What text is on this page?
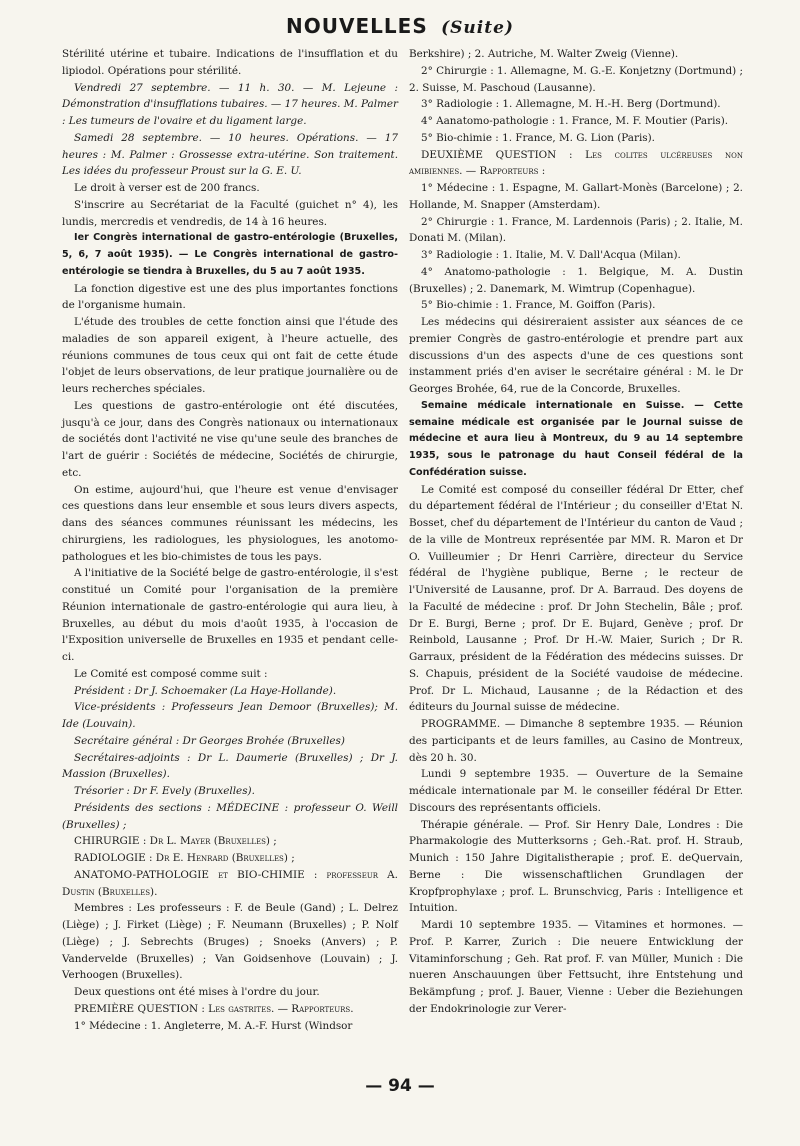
NOUVELLES (Suite)

Stérilité utérine et tubaire. Indications de l'insufflation et du lipiodol. Opérations pour stérilité.

Vendredi 27 septembre. — 11 h. 30. — M. Lejeune : Démonstration d'insufflations tubaires. — 17 heures. M. Palmer : Les tumeurs de l'ovaire et du ligament large.

Samedi 28 septembre. — 10 heures. Opérations. — 17 heures : M. Palmer : Grossesse extra-utérine. Son traitement. Les idées du professeur Proust sur la G. E. U.

Le droit à verser est de 200 francs.

S'inscrire au Secrétariat de la Faculté (guichet n° 4), les lundis, mercredis et vendredis, de 14 à 16 heures.

Ier Congrès international de gastro-entérologie (Bruxelles, 5, 6, 7 août 1935). — Le Congrès international de gastro-entérologie se tiendra à Bruxelles, du 5 au 7 août 1935.

La fonction digestive est une des plus importantes fonctions de l'organisme humain.

L'étude des troubles de cette fonction ainsi que l'étude des maladies de son appareil exigent, à l'heure actuelle, des réunions communes de tous ceux qui ont fait de cette étude l'objet de leurs observations, de leur pratique journalière ou de leurs recherches spéciales.

Les questions de gastro-entérologie ont été discutées, jusqu'à ce jour, dans des Congrès nationaux ou internationaux de sociétés dont l'activité ne vise qu'une seule des branches de l'art de guérir : Sociétés de médecine, Sociétés de chirurgie, etc.

On estime, aujourd'hui, que l'heure est venue d'envisager ces questions dans leur ensemble et sous leurs divers aspects, dans des séances communes réunissant les médecins, les chirurgiens, les radiologues, les physiologues, les anotomo-pathologues et les bio-chimistes de tous les pays.

A l'initiative de la Société belge de gastro-entérologie, il s'est constitué un Comité pour l'organisation de la première Réunion internationale de gastro-entérologie qui aura lieu, à Bruxelles, au début du mois d'août 1935, à l'occasion de l'Exposition universelle de Bruxelles en 1935 et pendant celle-ci.

Le Comité est composé comme suit :

Président : Dr J. Schoemaker (La Haye-Hollande).

Vice-présidents : Professeurs Jean Demoor (Bruxelles); M. Ide (Louvain).

Secrétaire général : Dr Georges Brohée (Bruxelles)

Secrétaires-adjoints : Dr L. Daumerie (Bruxelles) ; Dr J. Massion (Bruxelles).

Trésorier : Dr F. Evely (Bruxelles).

Présidents des sections : MÉDECINE : professeur O. Weill (Bruxelles) ;

CHIRURGIE : Dr L. Mayer (Bruxelles) ;

RADIOLOGIE : Dr E. Henrard (Bruxelles) ;

ANATOMO-PATHOLOGIE et BIO-CHIMIE : professeur A. Dustin (Bruxelles).

Membres : Les professeurs : F. de Beule (Gand) ; L. Delrez (Liège) ; J. Firket (Liège) ; F. Neumann (Bruxelles) ; P. Nolf (Liège) ; J. Sebrechts (Bruges) ; Snoeks (Anvers) ; P. Vandervelde (Bruxelles) ; Van Goidsenhove (Louvain) ; J. Verhoogen (Bruxelles).

Deux questions ont été mises à l'ordre du jour.

PREMIÈRE QUESTION : Les gastrites. — Rapporteurs.

1° Médecine : 1. Angleterre, M. A.-F. Hurst (Windsor

Berkshire) ; 2. Autriche, M. Walter Zweig (Vienne).

2° Chirurgie : 1. Allemagne, M. G.-E. Konjetzny (Dortmund) ; 2. Suisse, M. Paschoud (Lausanne).

3° Radiologie : 1. Allemagne, M. H.-H. Berg (Dortmund).

4° Aanatomo-pathologie : 1. France, M. F. Moutier (Paris).

5° Bio-chimie : 1. France, M. G. Lion (Paris).

DEUXIÈME QUESTION : Les colites ulcéreuses non amibiennes. — Rapporteurs :

1° Médecine : 1. Espagne, M. Gallart-Monès (Barcelone) ; 2. Hollande, M. Snapper (Amsterdam).

2° Chirurgie : 1. France, M. Lardennois (Paris) ; 2. Italie, M. Donati M. (Milan).

3° Radiologie : 1. Italie, M. V. Dall'Acqua (Milan).

4° Anatomo-pathologie : 1. Belgique, M. A. Dustin (Bruxelles) ; 2. Danemark, M. Wimtrup (Copenhague).

5° Bio-chimie : 1. France, M. Goiffon (Paris).

Les médecins qui désireraient assister aux séances de ce premier Congrès de gastro-entérologie et prendre part aux discussions d'un des aspects d'une de ces questions sont instamment priés d'en aviser le secrétaire général : M. le Dr Georges Brohée, 64, rue de la Concorde, Bruxelles.

Semaine médicale internationale en Suisse. — Cette semaine médicale est organisée par le Journal suisse de médecine et aura lieu à Montreux, du 9 au 14 septembre 1935, sous le patronage du haut Conseil fédéral de la Confédération suisse.

Le Comité est composé du conseiller fédéral Dr Etter, chef du département fédéral de l'Intérieur ; du conseiller d'Etat N. Bosset, chef du département de l'Intérieur du canton de Vaud ; de la ville de Montreux représentée par MM. R. Maron et Dr O. Vuilleumier ; Dr Henri Carrière, directeur du Service fédéral de l'hygiène publique, Berne ; le recteur de l'Université de Lausanne, prof. Dr A. Barraud. Des doyens de la Faculté de médecine : prof. Dr John Stechelin, Bâle ; prof. Dr E. Burgi, Berne ; prof. Dr E. Bujard, Genève ; prof. Dr Reinbold, Lausanne ; Prof. Dr H.-W. Maier, Surich ; Dr R. Garraux, président de la Fédération des médecins suisses. Dr S. Chapuis, président de la Société vaudoise de médecine. Prof. Dr L. Michaud, Lausanne ; de la Rédaction et des éditeurs du Journal suisse de médecine.

PROGRAMME. — Dimanche 8 septembre 1935. — Réunion des participants et de leurs familles, au Casino de Montreux, dès 20 h. 30.

Lundi 9 septembre 1935. — Ouverture de la Semaine médicale internationale par M. le conseiller fédéral Dr Etter. Discours des représentants officiels.

Thérapie générale. — Prof. Sir Henry Dale, Londres : Die Pharmakologie des Mutterksorns ; Geh.-Rat. prof. H. Straub, Munich : 150 Jahre Digitalistherapie ; prof. E. deQuervain, Berne : Die wissenschaftlichen Grundlagen der Kropfprophylaxe ; prof. L. Brunschvicg, Paris : Intelligence et Intuition.

Mardi 10 septembre 1935. — Vitamines et hormones. — Prof. P. Karrer, Zurich : Die neuere Entwicklung der Vitaminforschung ; Geh. Rat prof. F. van Müller, Munich : Die nueren Anschauungen über Fettsucht, ihre Entstehung und Bekämpfung ; prof. J. Bauer, Vienne : Ueber die Beziehungen der Endokrinologie zur Verer-

— 94 —
